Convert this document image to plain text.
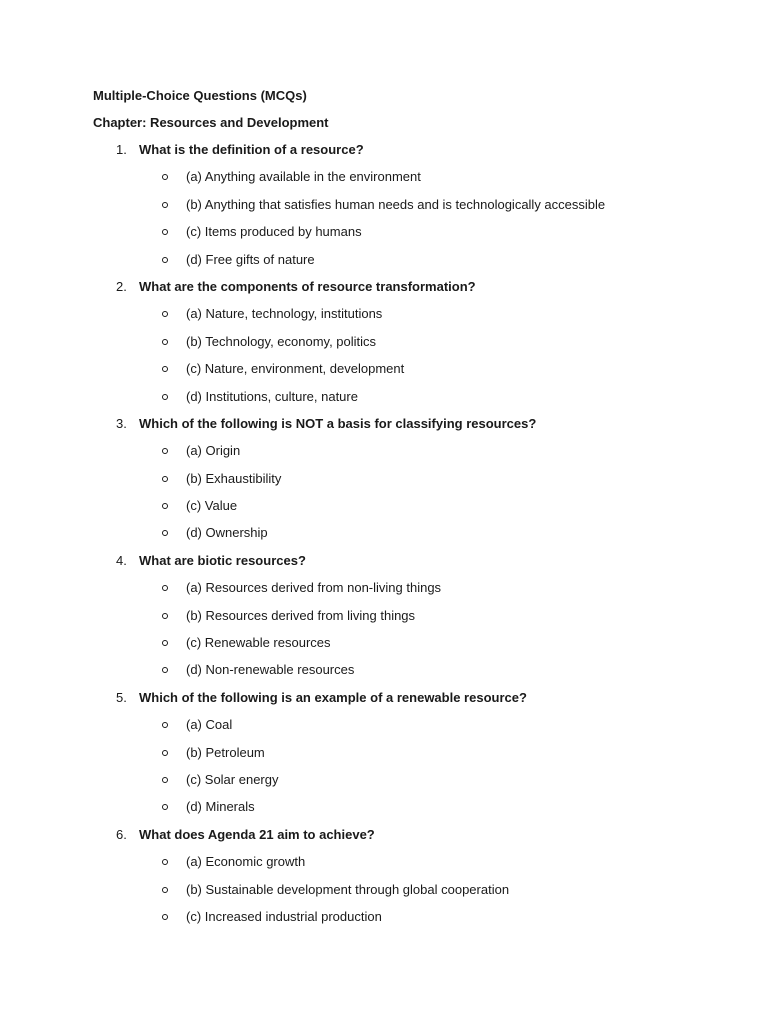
Multiple-Choice Questions (MCQs)
Chapter: Resources and Development
1. What is the definition of a resource?
(a) Anything available in the environment
(b) Anything that satisfies human needs and is technologically accessible
(c) Items produced by humans
(d) Free gifts of nature
2. What are the components of resource transformation?
(a) Nature, technology, institutions
(b) Technology, economy, politics
(c) Nature, environment, development
(d) Institutions, culture, nature
3. Which of the following is NOT a basis for classifying resources?
(a) Origin
(b) Exhaustibility
(c) Value
(d) Ownership
4. What are biotic resources?
(a) Resources derived from non-living things
(b) Resources derived from living things
(c) Renewable resources
(d) Non-renewable resources
5. Which of the following is an example of a renewable resource?
(a) Coal
(b) Petroleum
(c) Solar energy
(d) Minerals
6. What does Agenda 21 aim to achieve?
(a) Economic growth
(b) Sustainable development through global cooperation
(c) Increased industrial production
